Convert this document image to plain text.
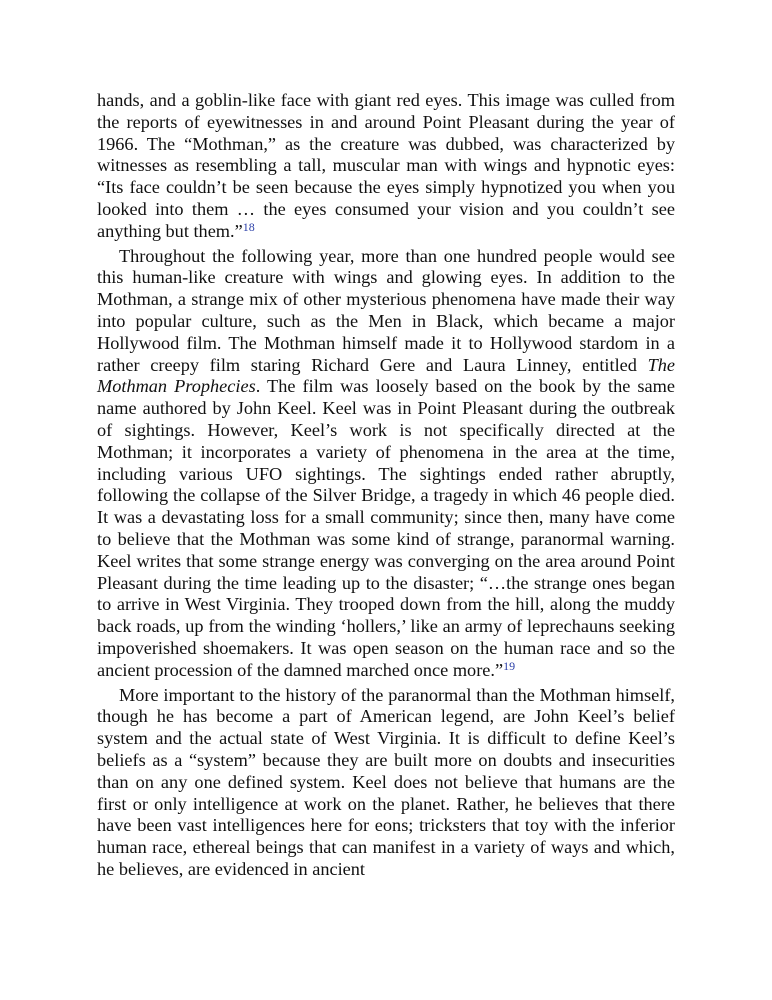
hands, and a goblin-like face with giant red eyes. This image was culled from the reports of eyewitnesses in and around Point Pleasant during the year of 1966. The “Mothman,” as the creature was dubbed, was characterized by witnesses as resembling a tall, muscular man with wings and hypnotic eyes: “Its face couldn’t be seen because the eyes simply hypnotized you when you looked into them … the eyes consumed your vision and you couldn’t see anything but them.”$^{18}$

Throughout the following year, more than one hundred people would see this human-like creature with wings and glowing eyes. In addition to the Mothman, a strange mix of other mysterious phenomena have made their way into popular culture, such as the Men in Black, which became a major Hollywood film. The Mothman himself made it to Hollywood stardom in a rather creepy film staring Richard Gere and Laura Linney, entitled The Mothman Prophecies. The film was loosely based on the book by the same name authored by John Keel. Keel was in Point Pleasant during the outbreak of sightings. However, Keel’s work is not specifically directed at the Mothman; it incorporates a variety of phenomena in the area at the time, including various UFO sightings. The sightings ended rather abruptly, following the collapse of the Silver Bridge, a tragedy in which 46 people died. It was a devastating loss for a small community; since then, many have come to believe that the Mothman was some kind of strange, paranormal warning. Keel writes that some strange energy was converging on the area around Point Pleasant during the time leading up to the disaster; “…the strange ones began to arrive in West Virginia. They trooped down from the hill, along the muddy back roads, up from the winding ‘hollers,’ like an army of leprechauns seeking impoverished shoemakers. It was open season on the human race and so the ancient procession of the damned marched once more.”$^{19}$

More important to the history of the paranormal than the Mothman himself, though he has become a part of American legend, are John Keel’s belief system and the actual state of West Virginia. It is difficult to define Keel’s beliefs as a “system” because they are built more on doubts and insecurities than on any one defined system. Keel does not believe that humans are the first or only intelligence at work on the planet. Rather, he believes that there have been vast intelligences here for eons; tricksters that toy with the inferior human race, ethereal beings that can manifest in a variety of ways and which, he believes, are evidenced in ancient
